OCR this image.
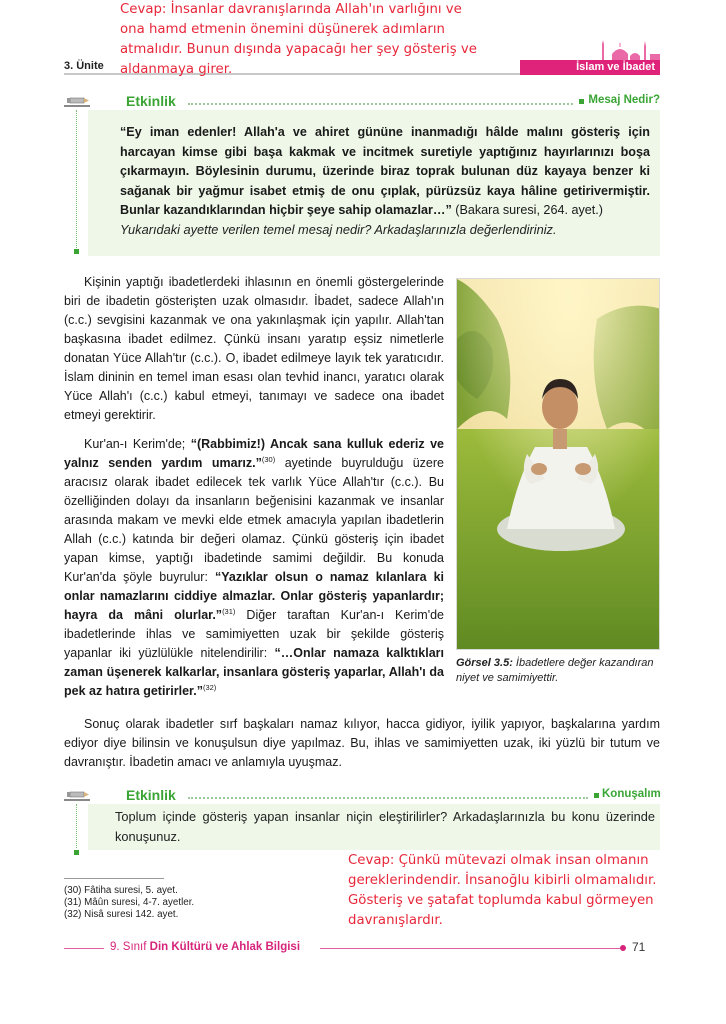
3. Ünite	İslam ve İbadet
Cevap: İnsanlar davranışlarında Allah'ın varlığını ve ona hamd etmenin önemini düşünerek adımların atmalıdır. Bunun dışında yapacağı her şey gösteriş ve aldanmaya girer.
Etkinlik	Mesaj Nedir?
“Ey iman edenler! Allah'a ve ahiret gününe inanmadığı hâlde malını gösteriş için harcayan kimse gibi başa kakmak ve incitmek suretiyle yaptığınız hayırlarınızı boşa çıkarmayın. Böylesinin durumu, üzerinde biraz toprak bulunan düz kayaya benzer ki sağanak bir yağmur isabet etmiş de onu çıplak, pürüzsüz kaya hâline getirivermiştir. Bunlar kazandıklarından hiçbir şeye sahip olamazlar…” (Bakara suresi, 264. ayet.)
Yukarıdaki ayette verilen temel mesaj nedir? Arkadaşlarınızla değerlendiriniz.
Kişinin yaptığı ibadetlerdeki ihlasının en önemli göstergelerinde biri de ibadetin gösterişten uzak olmasıdır. İbadet, sadece Allah'ın (c.c.) sevgisini kazanmak ve ona yakınlaşmak için yapılır. Allah'tan başkasına ibadet edilmez. Çünkü insanı yaratıp eşsiz nimetlerle donatan Yüce Allah'tır (c.c.). O, ibadet edilmeye layık tek yaratıcıdır. İslam dininin en temel iman esası olan tevhid inancı, yaratıcı olarak Yüce Allah'ı (c.c.) kabul etmeyi, tanımayı ve sadece ona ibadet etmeyi gerektirir.
Kur'an-ı Kerim'de; “(Rabbimiz!) Ancak sana kulluk ederiz ve yalnız senden yardım umarız.”$^{(30)}$ ayetinde buyrulduğu üzere aracısız olarak ibadet edilecek tek varlık Yüce Allah'tır (c.c.). Bu özelliğinden dolayı da insanların beğenisini kazanmak ve insanlar arasında makam ve mevki elde etmek amacıyla yapılan ibadetlerin Allah (c.c.) katında bir değeri olamaz. Çünkü gösteriş için ibadet yapan kimse, yaptığı ibadetinde samimi değildir. Bu konuda Kur'an'da şöyle buyrulur: “Yazıklar olsun o namaz kılanlara ki onlar namazlarını ciddiye almazlar. Onlar gösteriş yapanlardır; hayra da mâni olurlar.”$^{(31)}$ Diğer taraftan Kur'an-ı Kerim'de ibadetlerinde ihlas ve samimiyetten uzak bir şekilde gösteriş yapanlar iki yüzlülükle nitelendirilir: “…Onlar namaza kalktıkları zaman üşenerek kalkarlar, insanlara gösteriş yaparlar, Allah'ı da pek az hatıra getirirler.”$^{(32)}$
Görsel 3.5: İbadetlere değer kazandıran niyet ve samimiyettir.
Sonuç olarak ibadetler sırf başkaları namaz kılıyor, hacca gidiyor, iyilik yapıyor, başkalarına yardım ediyor diye bilinsin ve konuşulsun diye yapılmaz. Bu, ihlas ve samimiyetten uzak, iki yüzlü bir tutum ve davranıştır. İbadetin amacı ve anlamıyla uyuşmaz.
Etkinlik	Konuşalım
Toplum içinde gösteriş yapan insanlar niçin eleştirilirler? Arkadaşlarınızla bu konu üzerinde konuşunuz.
Cevap: Çünkü mütevazi olmak insan olmanın gereklerindendir. İnsanoğlu kibirli olmamalıdır. Gösteriş ve şatafat toplumda kabul görmeyen davranışlardır.
(30) Fâtiha suresi, 5. ayet.
(31) Mâûn suresi, 4-7. ayetler.
(32) Nisâ suresi 142. ayet.
9. Sınıf Din Kültürü ve Ahlak Bilgisi	71
